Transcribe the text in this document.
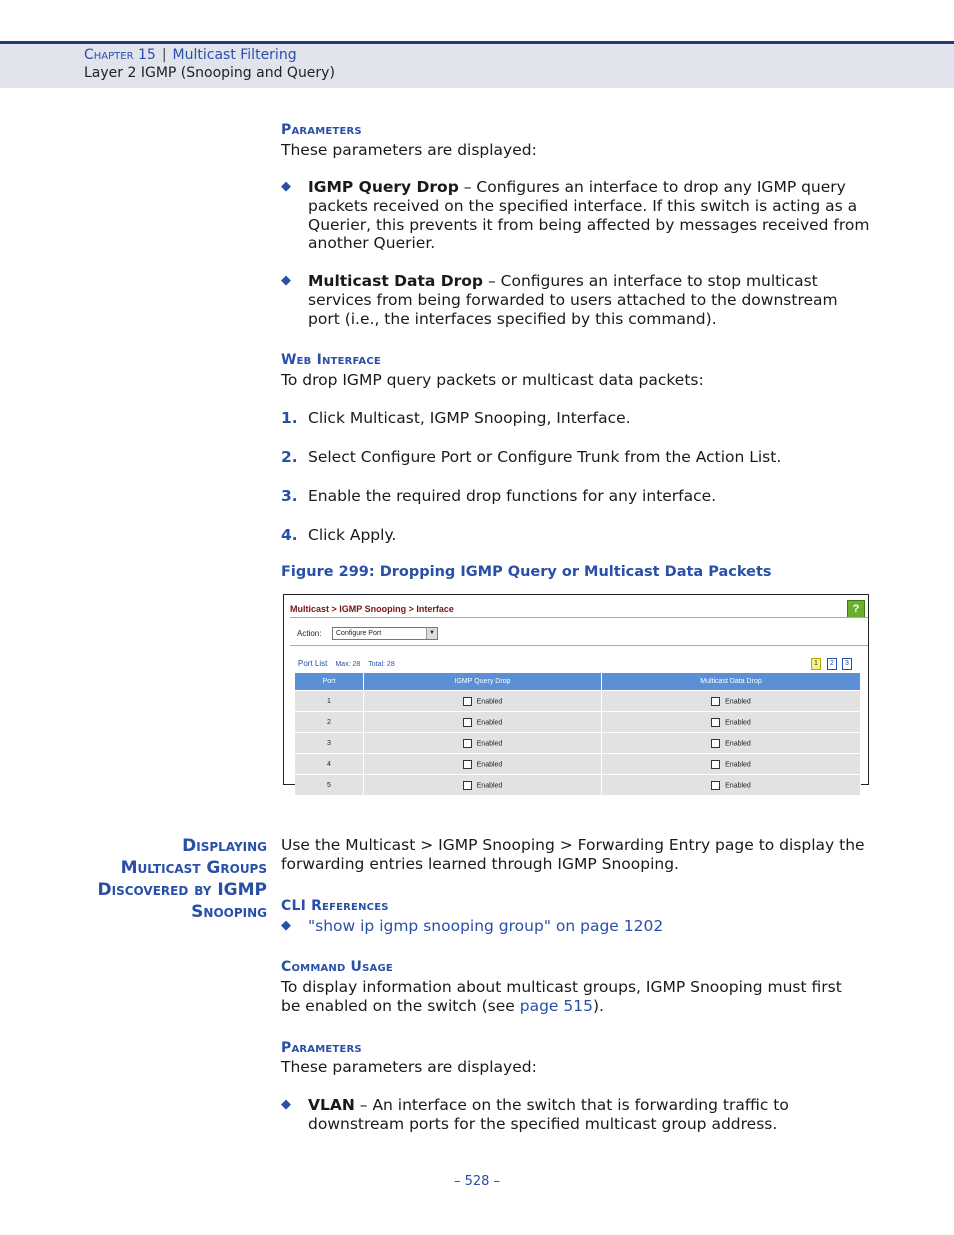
Chapter 15 | Multicast Filtering
Layer 2 IGMP (Snooping and Query)
Parameters
These parameters are displayed:
◆ IGMP Query Drop – Configures an interface to drop any IGMP query
packets received on the specified interface. If this switch is acting as a
Querier, this prevents it from being affected by messages received from
another Querier.
◆ Multicast Data Drop – Configures an interface to stop multicast
services from being forwarded to users attached to the downstream
port (i.e., the interfaces specified by this command).
Web Interface
To drop IGMP query packets or multicast data packets:
1. Click Multicast, IGMP Snooping, Interface.
2. Select Configure Port or Configure Trunk from the Action List.
3. Enable the required drop functions for any interface.
4. Click Apply.
Figure 299: Dropping IGMP Query or Multicast Data Packets
Multicast > IGMP Snooping > Interface	?
Action:	Configure Port	▼
Port List Max: 28 Total: 28	1	2	3
Port	IGMP Query Drop	Multicast Data Drop
1	Enabled	Enabled
2	Enabled	Enabled
3	Enabled	Enabled
4	Enabled	Enabled
5	Enabled	Enabled
Displaying
Multicast Groups
Discovered by IGMP
Snooping
Use the Multicast > IGMP Snooping > Forwarding Entry page to display the
forwarding entries learned through IGMP Snooping.
CLI References
◆ "show ip igmp snooping group" on page 1202
Command Usage
To display information about multicast groups, IGMP Snooping must first
be enabled on the switch (see page 515).
Parameters
These parameters are displayed:
◆ VLAN – An interface on the switch that is forwarding traffic to
downstream ports for the specified multicast group address.
– 528 –
